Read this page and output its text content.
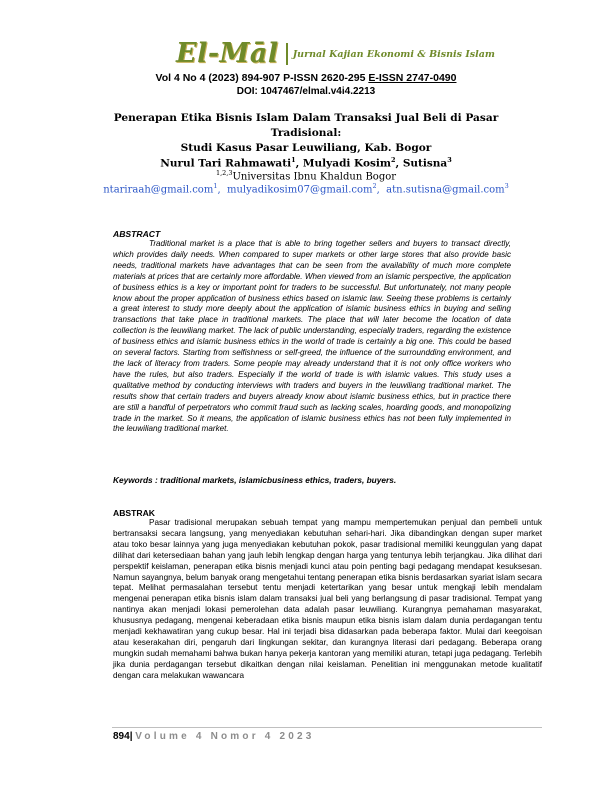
El-Māl Jurnal Kajian Ekonomi & Bisnis Islam
Vol 4 No 4 (2023) 894-907 P-ISSN 2620-295 E-ISSN 2747-0490
DOI: 1047467/elmal.v4i4.2213
Penerapan Etika Bisnis Islam Dalam Transaksi Jual Beli di Pasar Tradisional:
Studi Kasus Pasar Leuwiliang, Kab. Bogor
Nurul Tari Rahmawati$^1$, Mulyadi Kosim$^2$, Sutisna$^3$
$^{1,2,3}$Universitas Ibnu Khaldun Bogor
ntariraah@gmail.com$^1$,  mulyadikosim07@gmail.com$^2$,  atn.sutisna@gmail.com$^3$
ABSTRACT

Traditional market is a place that is able to bring together sellers and buyers to transact directly, which provides daily needs. When compared to super markets or other large stores that also provide basic needs, traditional markets have advantages that can be seen from the availability of much more complete materials at prices that are certainly more affordable. When viewed from an islamic perspective, the application of business ethics is a key or important point for traders to be successful. But unfortunately, not many people know about the proper application of business ethics based on islamic law. Seeing these problems is certainly a great interest to study more deeply about the application of islamic business ethics in buying and selling transactions that take place in traditional markets. The place that will later become the location of data collection is the leuwiliang market. The lack of public understanding, especially traders, regarding the existence of business ethics and islamic business ethics in the world of trade is certainly a big one. This could be based on several factors. Starting from selfishness or self-greed, the influence of the surroundding environment, and the lack of literacy from traders. Some people may already understand that it is not only office workers who have the rules, but also traders. Especially if the world of trade is with islamic values. This study uses a qualitative method by conducting interviews with traders and buyers in the leuwiliang traditional market. The results show that certain traders and buyers already know about islamic business ethics, but in practice there are still a handful of perpetrators who commit fraud such as lacking scales, hoarding goods, and monopolizing trade in the market. So it means, the application of islamic business ethics has not been fully implemented in the leuwiliang traditional market.

Keywords : traditional markets, islamicbusiness ethics, traders, buyers.
ABSTRAK

Pasar tradisional merupakan sebuah tempat yang mampu mempertemukan penjual dan pembeli untuk bertransaksi secara langsung, yang menyediakan kebutuhan sehari-hari. Jika dibandingkan dengan super market atau toko besar lainnya yang juga menyediakan kebutuhan pokok, pasar tradisional memiliki keunggulan yang dapat dilihat dari ketersediaan bahan yang jauh lebih lengkap dengan harga yang tentunya lebih terjangkau. Jika dilihat dari perspektif keislaman, penerapan etika bisnis menjadi kunci atau poin penting bagi pedagang mendapat kesuksesan. Namun sayangnya, belum banyak orang mengetahui tentang penerapan etika bisnis berdasarkan syariat islam secara tepat. Melihat permasalahan tersebut tentu menjadi ketertarikan yang besar untuk mengkaji lebih mendalam mengenai penerapan etika bisnis islam dalam transaksi jual beli yang berlangsung di pasar tradisional. Tempat yang nantinya akan menjadi lokasi pemerolehan data adalah pasar leuwiliang. Kurangnya pemahaman masyarakat, khususnya pedagang, mengenai keberadaan etika bisnis maupun etika bisnis islam dalam dunia perdagangan tentu menjadi kekhawatiran yang cukup besar. Hal ini terjadi bisa didasarkan pada beberapa faktor. Mulai dari keegoisan atau keserakahan diri, pengaruh dari lingkungan sekitar, dan kurangnya literasi dari pedagang. Beberapa orang mungkin sudah memahami bahwa bukan hanya pekerja kantoran yang memiliki aturan, tetapi juga pedagang. Terlebih jika dunia perdagangan tersebut dikaitkan dengan nilai keislaman. Penelitian ini menggunakan metode kualitatif dengan cara melakukan wawancara

894| Volume 4 Nomor 4 2023
